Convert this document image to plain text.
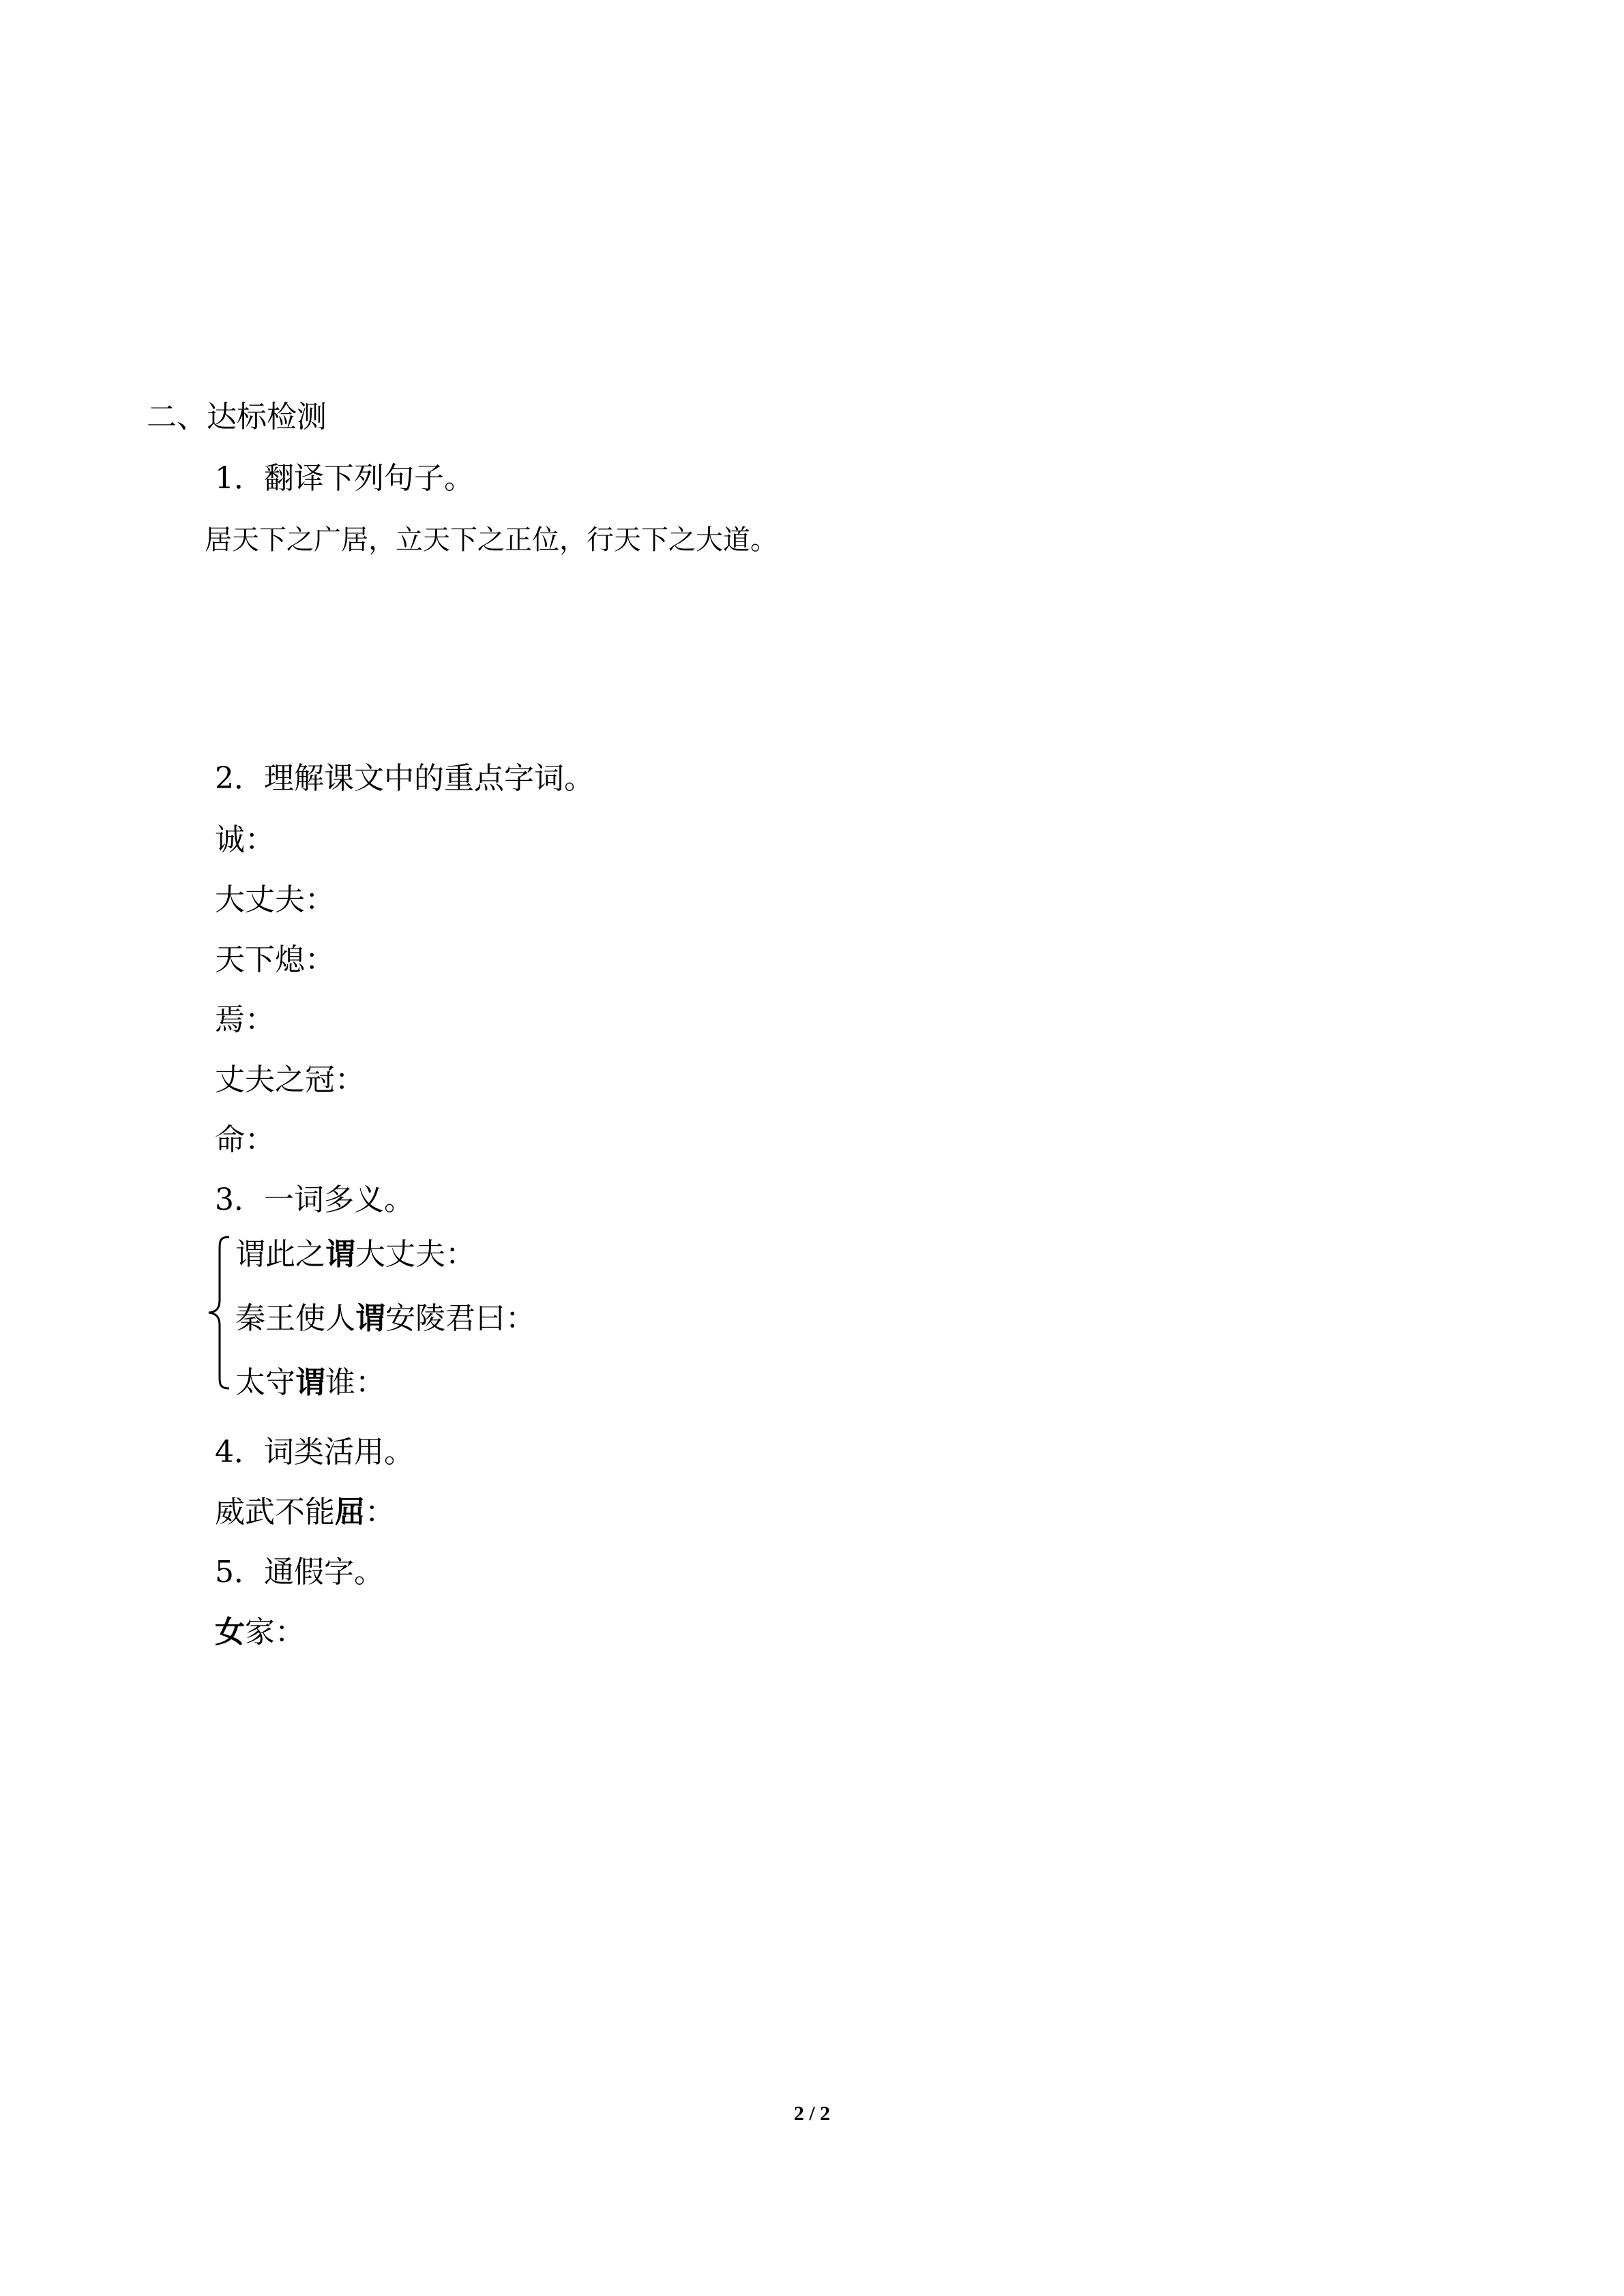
二、达标检测
1．翻译下列句子。
居天下之广居，立天下之正位，行天下之大道。
2．理解课文中的重点字词。
诚：
大丈夫：
天下熄：
焉：
丈夫之冠：
命：
3．一词多义。
谓此之谓大丈夫：
秦王使人谓安陵君曰：
太守谓谁：
4．词类活用。
威武不能屈：
5．通假字。
女家：
2 / 2
